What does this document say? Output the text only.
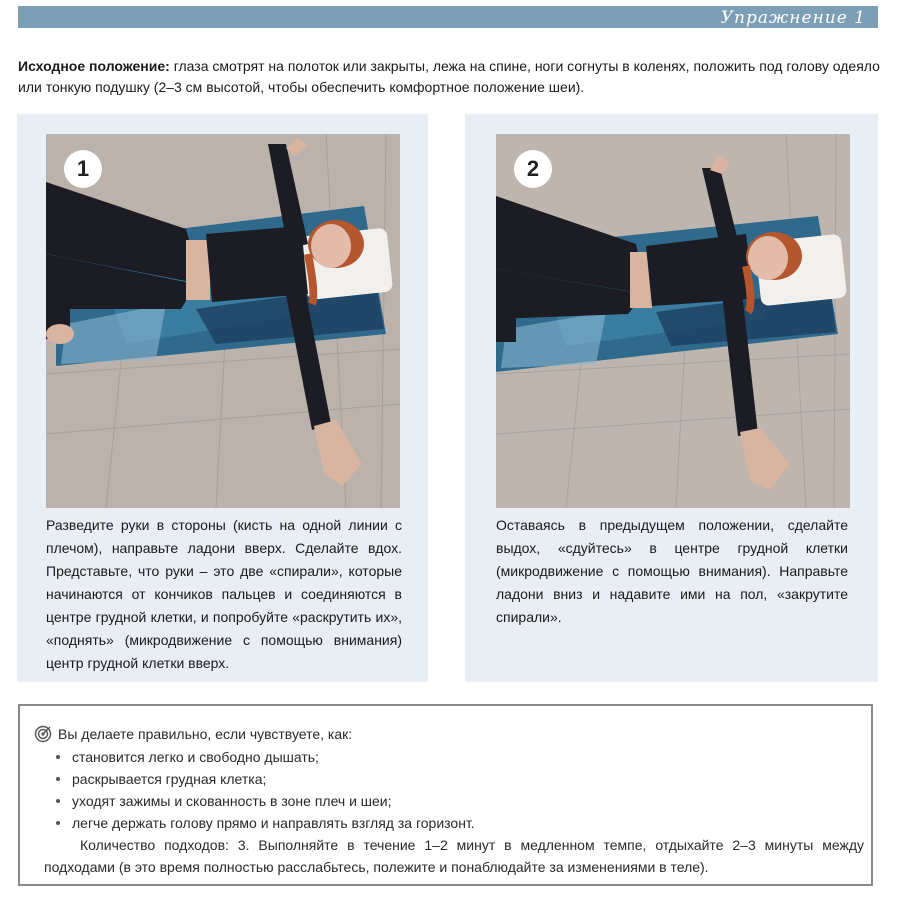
Упражнение 1

Исходное положение: глаза смотрят на полоток или закрыты, лежа на спине, ноги согнуты в коленях, положить под голову одеяло или тонкую подушку (2–3 см высотой, чтобы обеспечить комфортное положение шеи).

1
Разведите руки в стороны (кисть на одной линии с плечом), направьте ладони вверх. Сделайте вдох. Представьте, что руки – это две «спирали», которые начинаются от кончиков пальцев и соединяются в центре грудной клетки, и попробуйте «раскрутить их», «поднять» (микродвижение с помощью внимания) центр грудной клетки вверх.
2
Оставаясь в предыдущем положении, сделайте выдох, «сдуйтесь» в центре грудной клетки (микродвижение с помощью внимания). Направьте ладони вниз и надавите ими на пол, «закрутите спирали».
Вы делаете правильно, если чувствуете, как:
становится легко и свободно дышать;
раскрывается грудная клетка;
уходят зажимы и скованность в зоне плеч и шеи;
легче держать голову прямо и направлять взгляд за горизонт.
Количество подходов: 3. Выполняйте в течение 1–2 минут в медленном темпе, отдыхайте 2–3 минуты между подходами (в это время полностью расслабьтесь, полежите и понаблюдайте за изменениями в теле).
